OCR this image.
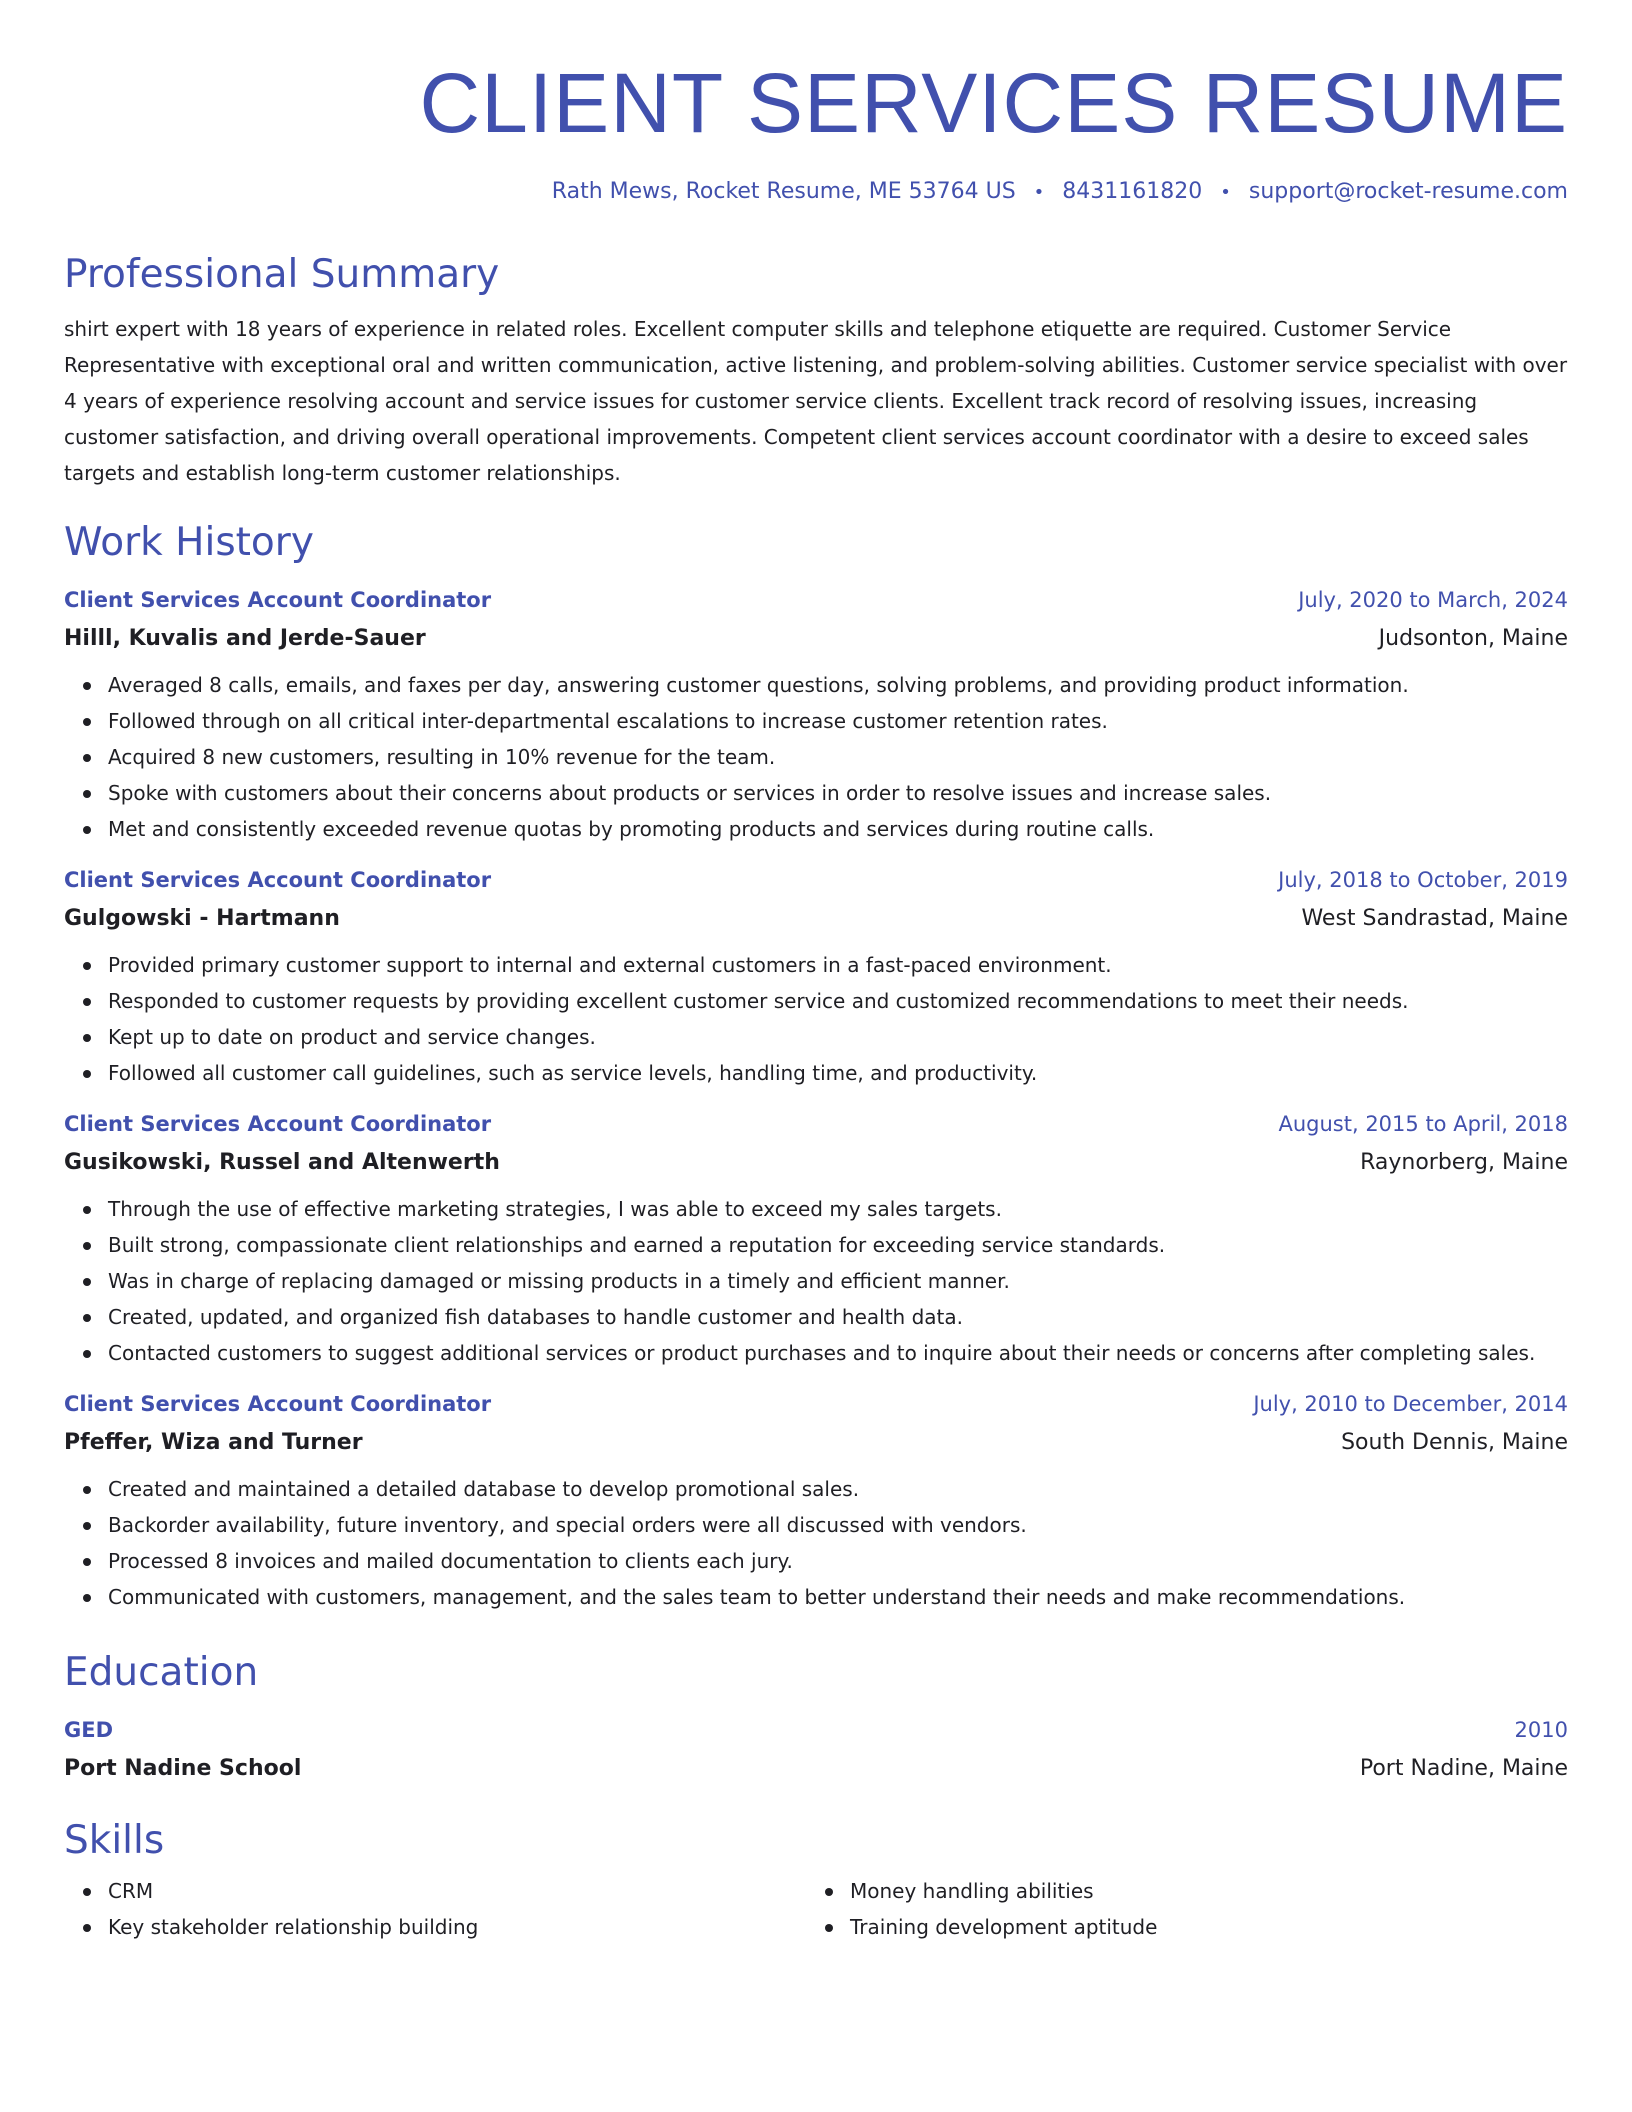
CLIENT SERVICES RESUME
Rath Mews, Rocket Resume, ME 53764 US • 8431161820 • support@rocket-resume.com
Professional Summary
shirt expert with 18 years of experience in related roles. Excellent computer skills and telephone etiquette are required. Customer Service Representative with exceptional oral and written communication, active listening, and problem-solving abilities. Customer service specialist with over 4 years of experience resolving account and service issues for customer service clients. Excellent track record of resolving issues, increasing customer satisfaction, and driving overall operational improvements. Competent client services account coordinator with a desire to exceed sales targets and establish long-term customer relationships.
Work History
Client Services Account Coordinator	July, 2020 to March, 2024
Hilll, Kuvalis and Jerde-Sauer	Judsonton, Maine
Averaged 8 calls, emails, and faxes per day, answering customer questions, solving problems, and providing product information.
Followed through on all critical inter-departmental escalations to increase customer retention rates.
Acquired 8 new customers, resulting in 10% revenue for the team.
Spoke with customers about their concerns about products or services in order to resolve issues and increase sales.
Met and consistently exceeded revenue quotas by promoting products and services during routine calls.
Client Services Account Coordinator	July, 2018 to October, 2019
Gulgowski - Hartmann	West Sandrastad, Maine
Provided primary customer support to internal and external customers in a fast-paced environment.
Responded to customer requests by providing excellent customer service and customized recommendations to meet their needs.
Kept up to date on product and service changes.
Followed all customer call guidelines, such as service levels, handling time, and productivity.
Client Services Account Coordinator	August, 2015 to April, 2018
Gusikowski, Russel and Altenwerth	Raynorberg, Maine
Through the use of effective marketing strategies, I was able to exceed my sales targets.
Built strong, compassionate client relationships and earned a reputation for exceeding service standards.
Was in charge of replacing damaged or missing products in a timely and efficient manner.
Created, updated, and organized fish databases to handle customer and health data.
Contacted customers to suggest additional services or product purchases and to inquire about their needs or concerns after completing sales.
Client Services Account Coordinator	July, 2010 to December, 2014
Pfeffer, Wiza and Turner	South Dennis, Maine
Created and maintained a detailed database to develop promotional sales.
Backorder availability, future inventory, and special orders were all discussed with vendors.
Processed 8 invoices and mailed documentation to clients each jury.
Communicated with customers, management, and the sales team to better understand their needs and make recommendations.
Education
GED	2010
Port Nadine School	Port Nadine, Maine
Skills
CRM
Key stakeholder relationship building
Money handling abilities
Training development aptitude
